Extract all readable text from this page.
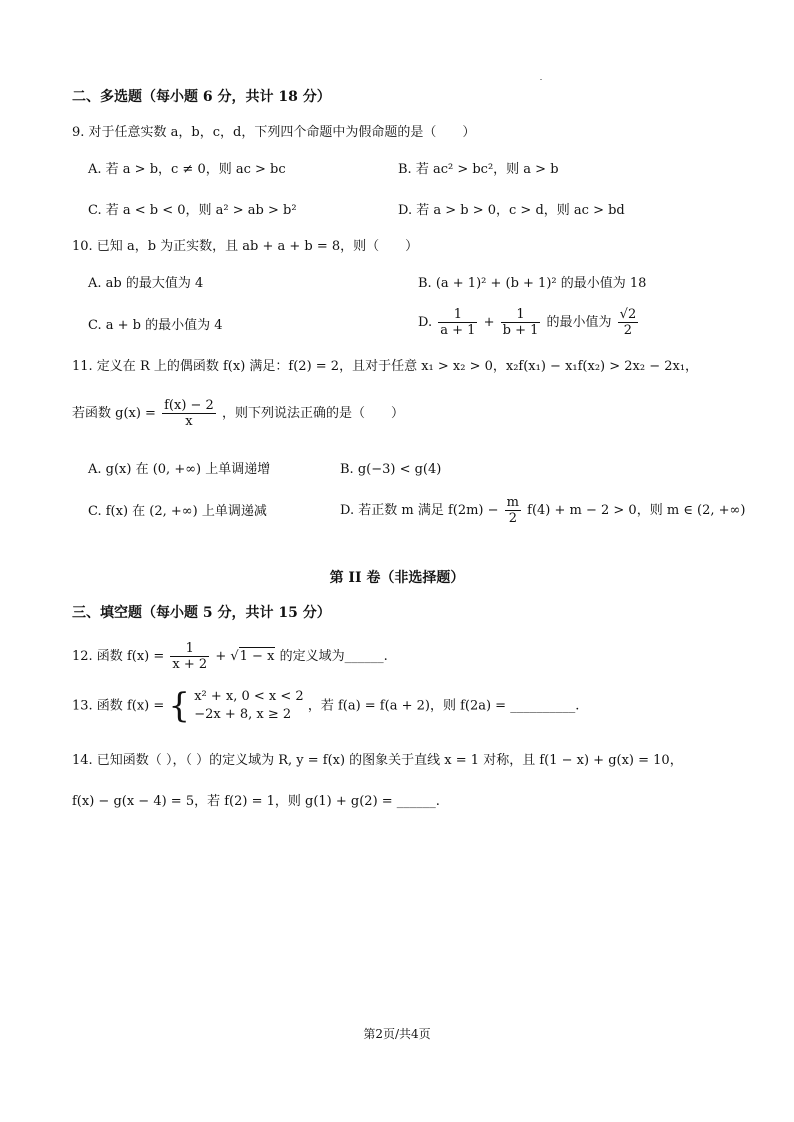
二、多选题（每小题 6 分，共计 18 分）
9. 对于任意实数 a，b，c，d，下列四个命题中为假命题的是（　　）
A. 若 a > b，c ≠ 0，则 ac > bc	B. 若 ac² > bc²，则 a > b
C. 若 a < b < 0，则 a² > ab > b²	D. 若 a > b > 0，c > d，则 ac > bd
10. 已知 a，b 为正实数，且 ab + a + b = 8，则（　　）
A. ab 的最大值为 4	B. (a + 1)² + (b + 1)² 的最小值为 18
C. a + b 的最小值为 4	D. $\frac{1}{a + 1} + \frac{1}{b + 1}$ 的最小值为 $\frac{√2}{2}$
11. 定义在 R 上的偶函数 f(x) 满足：f(2) = 2，且对于任意 x₁ > x₂ > 0，x₂f(x₁) − x₁f(x₂) > 2x₂ − 2x₁，
若函数 $g(x) = \frac{f(x) - 2}{x}$ ，则下列说法正确的是（　　）
A. g(x) 在 (0, +∞) 上单调递增	B. g(−3) < g(4)
C. f(x) 在 (2, +∞) 上单调递减	D. 若正数 m 满足 $f(2m) - \frac{m}{2} f(4) + m - 2 > 0$，则 m ∈ (2, +∞)
第 II 卷（非选择题）
三、填空题（每小题 5 分，共计 15 分）
12. 函数 $f(x) = \frac{1}{x + 2} + √1 - x$ 的定义域为______.
13. 函数 f(x) = { x² + x, 0 < x < 2
−2x + 8, x ≥ 2
，若 f(a) = f(a + 2)，则 f(2a) = __________.
14. 已知函数（ ），（ ）的定义域为 R, y = f(x) 的图象关于直线 x = 1 对称，且 f(1 − x) + g(x) = 10，
f(x) − g(x − 4) = 5，若 f(2) = 1，则 g(1) + g(2) = ______.
第2页/共4页
